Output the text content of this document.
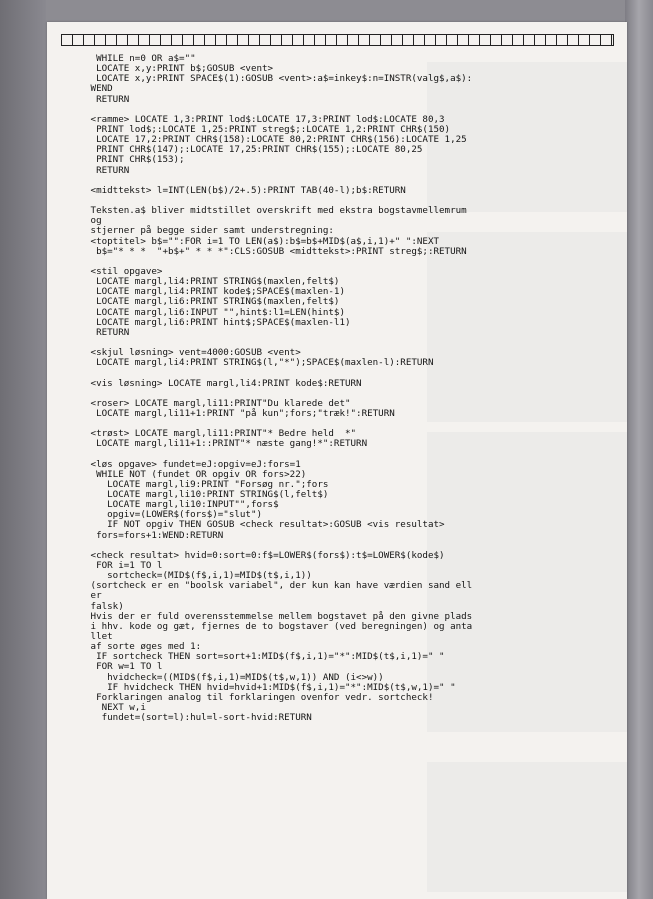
WHILE n=0 OR a$=""
LOCATE x,y:PRINT b$;GOSUB <vent>
LOCATE x,y:PRINT SPACE$(1):GOSUB <vent>:a$=inkey$:n=INSTR(valg$,a$):
WEND
RETURN
<ramme> LOCATE 1,3:PRINT lod$:LOCATE 17,3:PRINT lod$:LOCATE 80,3
PRINT lod$;:LOCATE 1,25:PRINT streg$;:LOCATE 1,2:PRINT CHR$(150)
LOCATE 17,2:PRINT CHR$(158):LOCATE 80,2:PRINT CHR$(156):LOCATE 1,25
PRINT CHR$(147);:LOCATE 17,25:PRINT CHR$(155);:LOCATE 80,25
PRINT CHR$(153);
RETURN
<midttekst> l=INT(LEN(b$)/2+.5):PRINT TAB(40-l);b$:RETURN
Teksten.a$ bliver midtstillet overskrift med ekstra bogstavmellemrum
og
stjerner på begge sider samt understregning:
<toptitel> b$="":FOR i=1 TO LEN(a$):b$=b$+MID$(a$,i,1)+" ":NEXT
b$="* * *  "+b$+" * * *":CLS:GOSUB <midttekst>:PRINT streg$;:RETURN
<stil opgave>
LOCATE margl,li4:PRINT STRING$(maxlen,felt$)
LOCATE margl,li4:PRINT kode$;SPACE$(maxlen-1)
LOCATE margl,li6:PRINT STRING$(maxlen,felt$)
LOCATE margl,li6:INPUT "",hint$:l1=LEN(hint$)
LOCATE margl,li6:PRINT hint$;SPACE$(maxlen-l1)
RETURN
<skjul løsning> vent=4000:GOSUB <vent>
LOCATE margl,li4:PRINT STRING$(l,"*");SPACE$(maxlen-l):RETURN
<vis løsning> LOCATE margl,li4:PRINT kode$:RETURN
<roser> LOCATE margl,li11:PRINT"Du klarede det"
LOCATE margl,li11+1:PRINT "på kun";fors;"træk!":RETURN
<trøst> LOCATE margl,li11:PRINT"* Bedre held  *"
LOCATE margl,li11+1::PRINT"* næste gang!*":RETURN
<løs opgave> fundet=eJ:opgiv=eJ:fors=1
WHILE NOT (fundet OR opgiv OR fors>22)
LOCATE margl,li9:PRINT "Forsøg nr.";fors
LOCATE margl,li10:PRINT STRING$(l,felt$)
LOCATE margl,li10:INPUT"",fors$
opgiv=(LOWER$(fors$)="slut")
IF NOT opgiv THEN GOSUB <check resultat>:GOSUB <vis resultat>
fors=fors+1:WEND:RETURN
<check resultat> hvid=0:sort=0:f$=LOWER$(fors$):t$=LOWER$(kode$)
FOR i=1 TO l
sortcheck=(MID$(f$,i,1)=MID$(t$,i,1))
(sortcheck er en "boolsk variabel", der kun kan have værdien sand ell
er
falsk)
Hvis der er fuld overensstemmelse mellem bogstavet på den givne plads
i hhv. kode og gæt, fjernes de to bogstaver (ved beregningen) og anta
llet
af sorte øges med 1:
IF sortcheck THEN sort=sort+1:MID$(f$,i,1)="*":MID$(t$,i,1)=" "
FOR w=1 TO l
hvidcheck=((MID$(f$,i,1)=MID$(t$,w,1)) AND (i<>w))
IF hvidcheck THEN hvid=hvid+1:MID$(f$,i,1)="*":MID$(t$,w,1)=" "
Forklaringen analog til forklaringen ovenfor vedr. sortcheck!
NEXT w,i
fundet=(sort=l):hul=l-sort-hvid:RETURN
